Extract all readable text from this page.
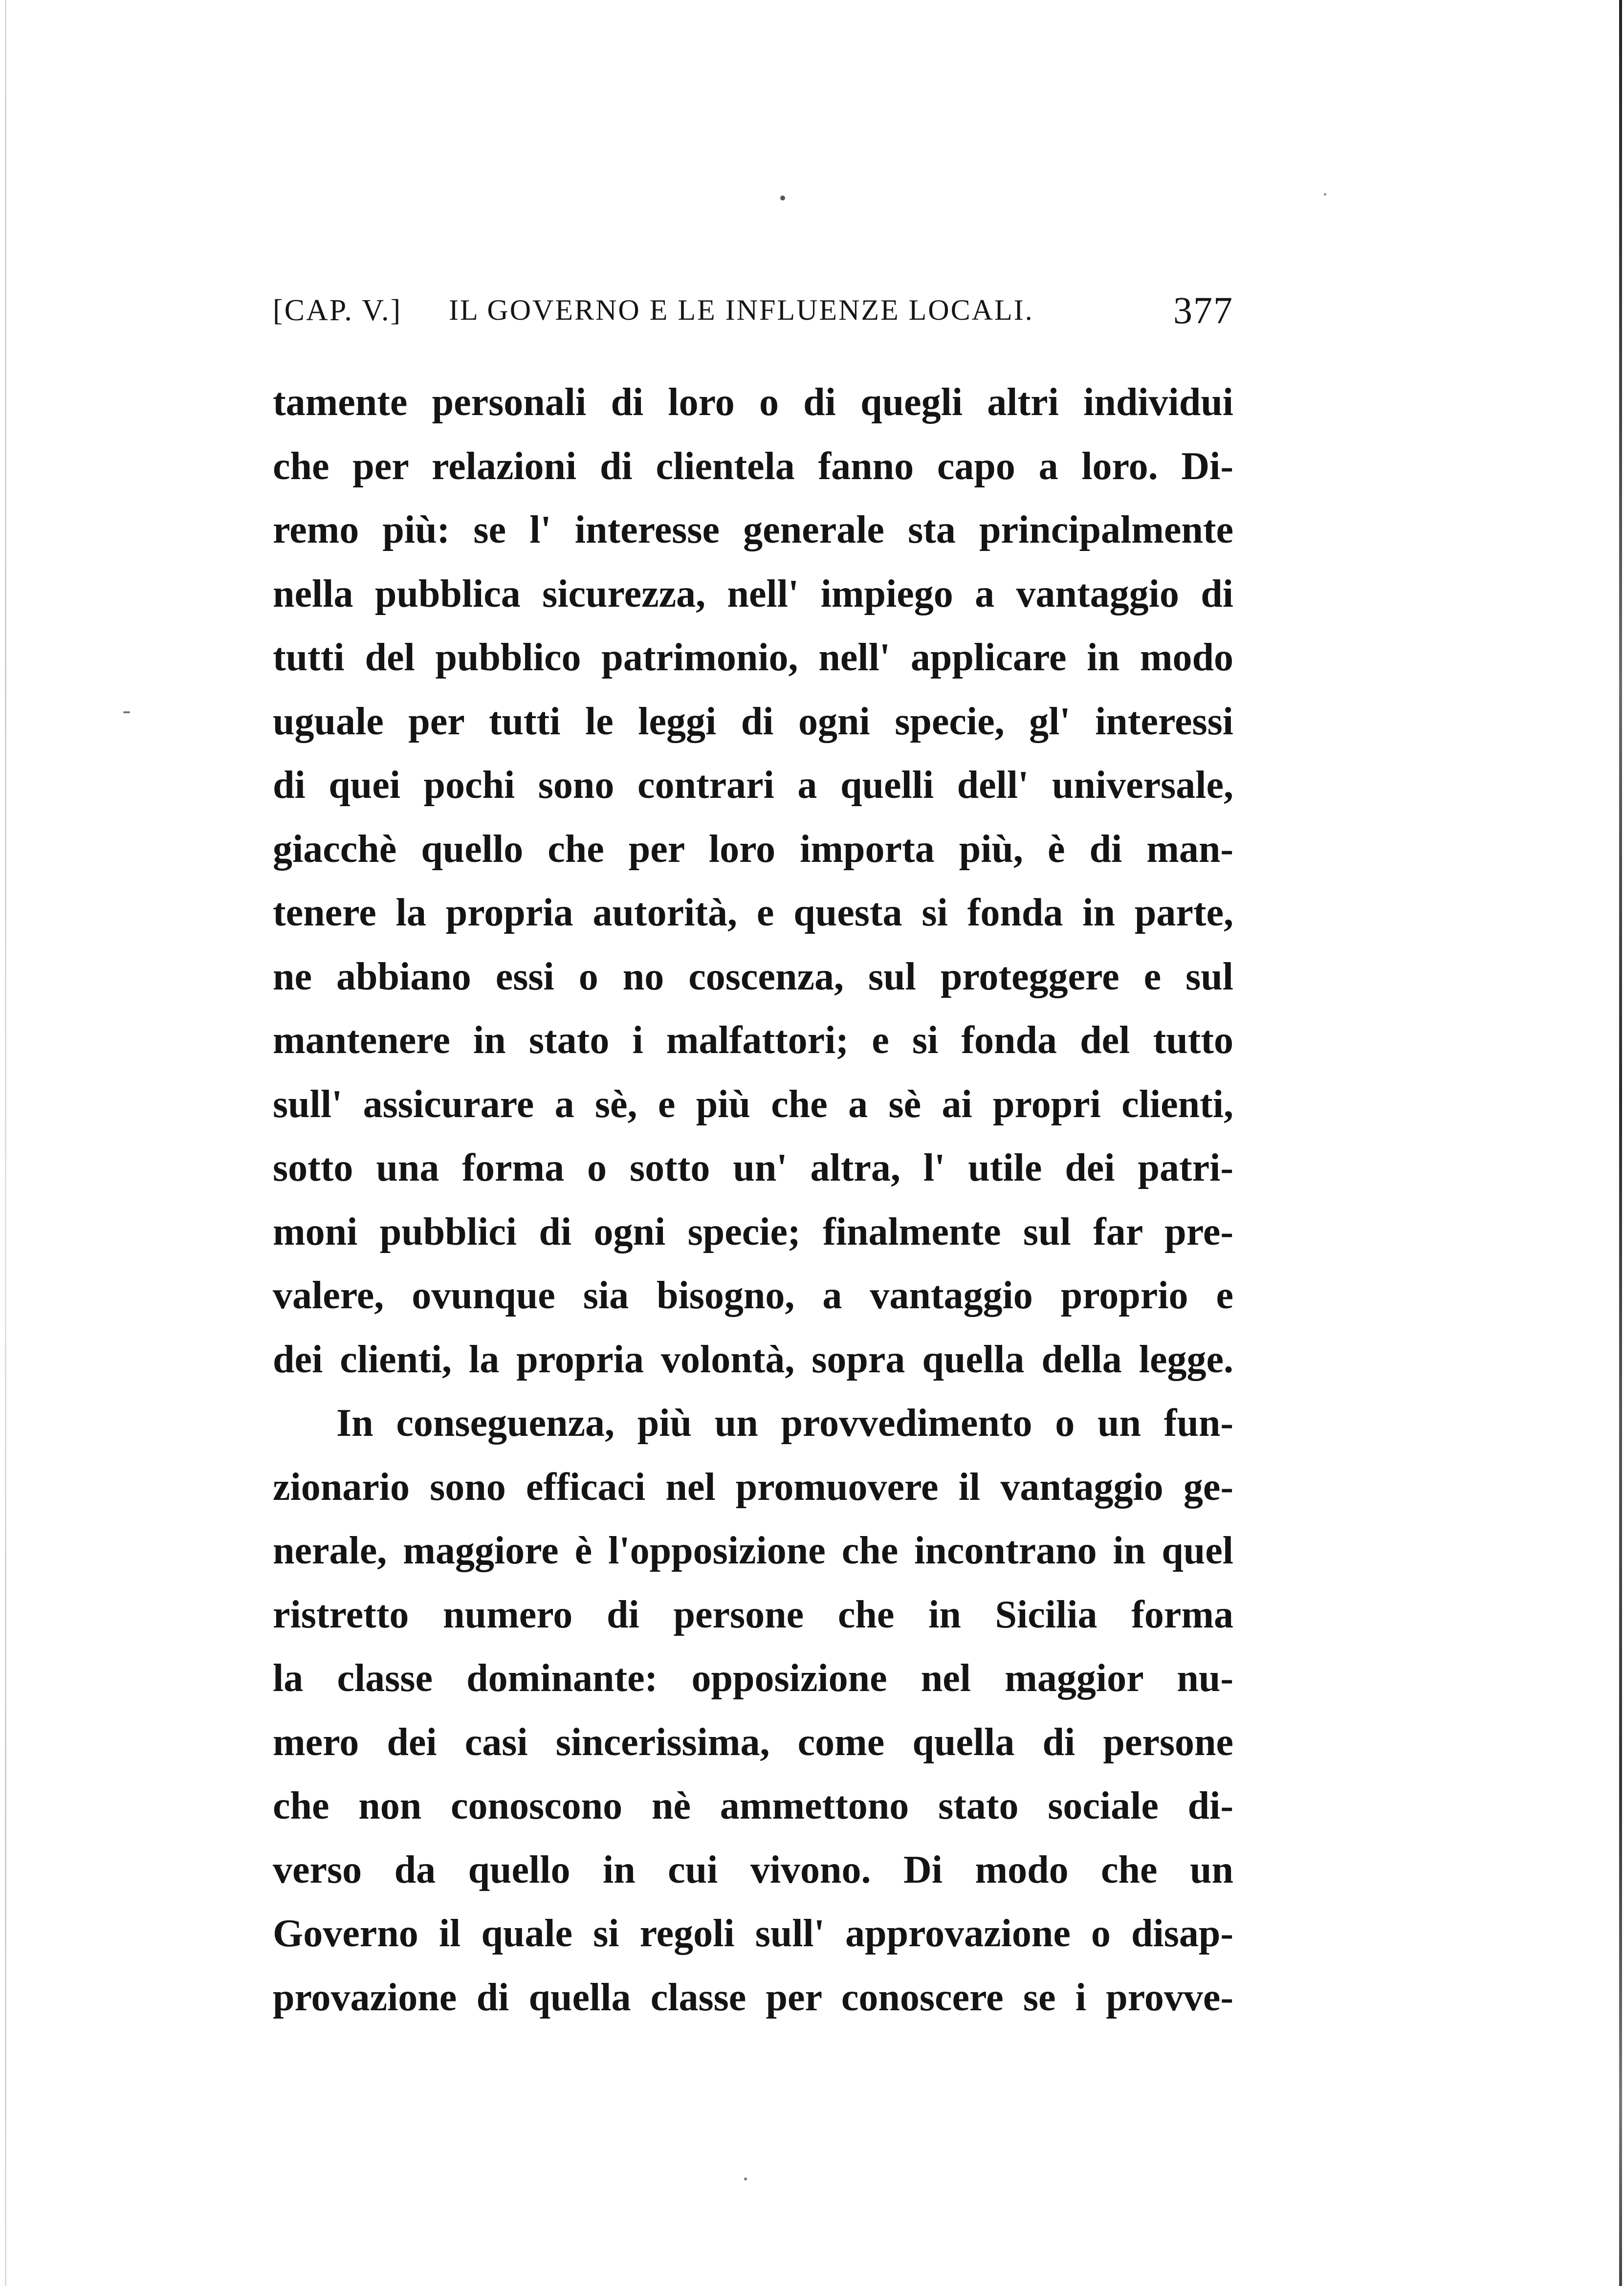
[CAP. V.] IL GOVERNO E LE INFLUENZE LOCALI.	377
tamente personali di loro o di quegli altri individui
che per relazioni di clientela fanno capo a loro. Di-
remo più: se l' interesse generale sta principalmente
nella pubblica sicurezza, nell' impiego a vantaggio di
tutti del pubblico patrimonio, nell' applicare in modo
uguale per tutti le leggi di ogni specie, gl' interessi
di quei pochi sono contrari a quelli dell' universale,
giacchè quello che per loro importa più, è di man-
tenere la propria autorità, e questa si fonda in parte,
ne abbiano essi o no coscenza, sul proteggere e sul
mantenere in stato i malfattori; e si fonda del tutto
sull' assicurare a sè, e più che a sè ai propri clienti,
sotto una forma o sotto un' altra, l' utile dei patri-
moni pubblici di ogni specie; finalmente sul far pre-
valere, ovunque sia bisogno, a vantaggio proprio e
dei clienti, la propria volontà, sopra quella della legge.
In conseguenza, più un provvedimento o un fun-
zionario sono efficaci nel promuovere il vantaggio ge-
nerale, maggiore è l'opposizione che incontrano in quel
ristretto numero di persone che in Sicilia forma
la classe dominante: opposizione nel maggior nu-
mero dei casi sincerissima, come quella di persone
che non conoscono nè ammettono stato sociale di-
verso da quello in cui vivono. Di modo che un
Governo il quale si regoli sull' approvazione o disap-
provazione di quella classe per conoscere se i provve-
